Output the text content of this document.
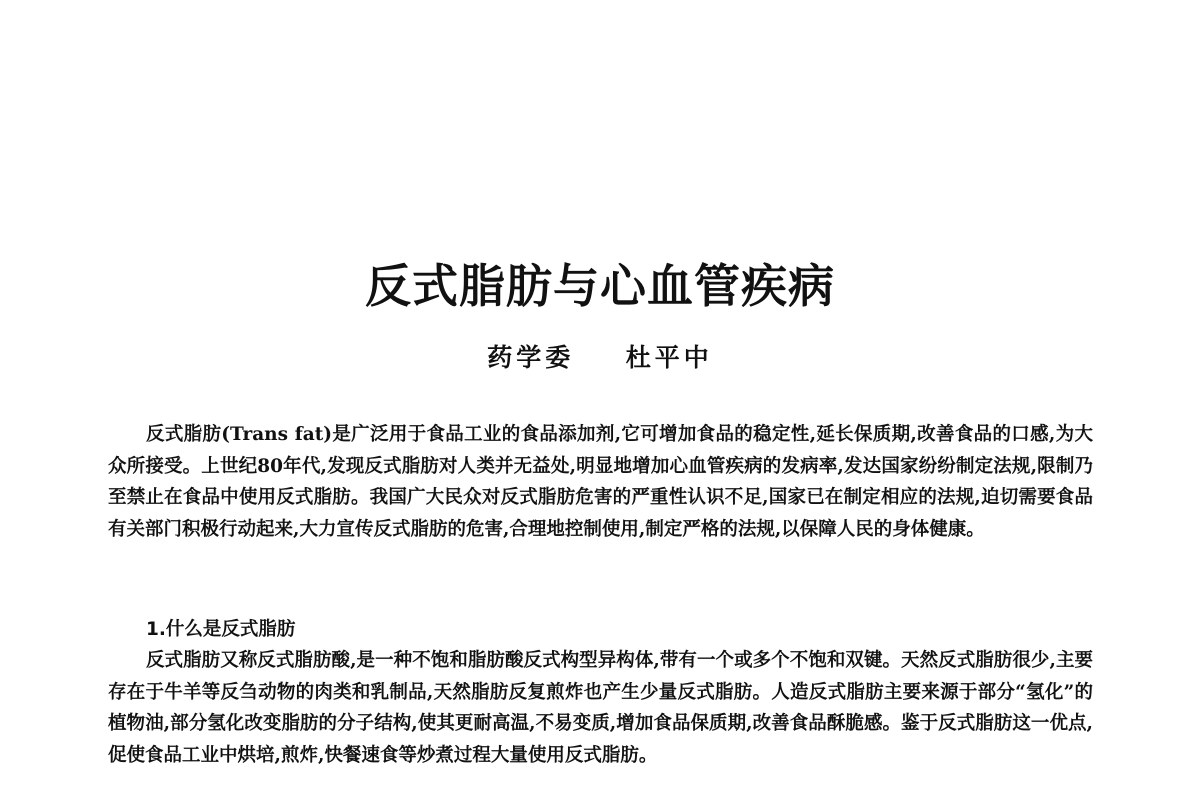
反式脂肪与心血管疾病
药学委 杜平中

反式脂肪(Trans fat)是广泛用于食品工业的食品添加剂,它可增加食品的稳定性,延长保质期,改善食品的口感,为大众所接受。上世纪80年代,发现反式脂肪对人类并无益处,明显地增加心血管疾病的发病率,发达国家纷纷制定法规,限制乃至禁止在食品中使用反式脂肪。我国广大民众对反式脂肪危害的严重性认识不足,国家已在制定相应的法规,迫切需要食品有关部门积极行动起来,大力宣传反式脂肪的危害,合理地控制使用,制定严格的法规,以保障人民的身体健康。

1.什么是反式脂肪

反式脂肪又称反式脂肪酸,是一种不饱和脂肪酸反式构型异构体,带有一个或多个不饱和双键。天然反式脂肪很少,主要存在于牛羊等反刍动物的肉类和乳制品,天然脂肪反复煎炸也产生少量反式脂肪。人造反式脂肪主要来源于部分“氢化”的植物油,部分氢化改变脂肪的分子结构,使其更耐高温,不易变质,增加食品保质期,改善食品酥脆感。鉴于反式脂肪这一优点,促使食品工业中烘培,煎炸,快餐速食等炒煮过程大量使用反式脂肪。
